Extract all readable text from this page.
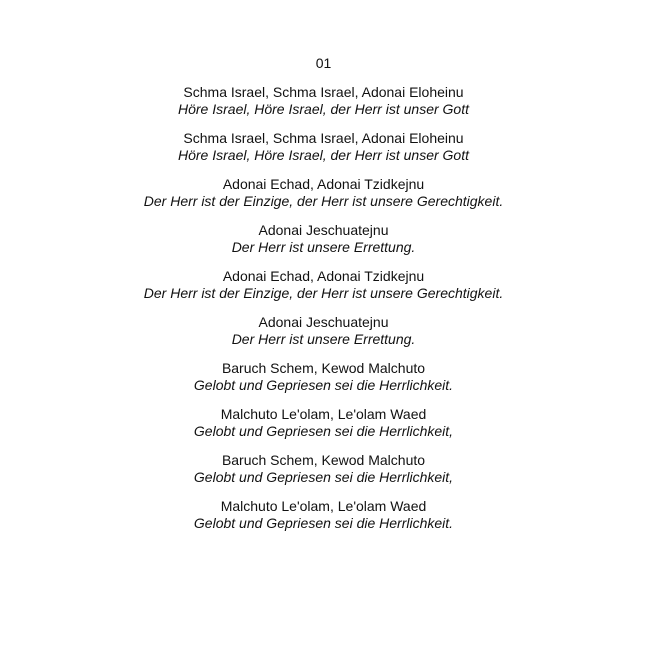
01
Schma Israel, Schma Israel, Adonai Eloheinu
Höre Israel, Höre Israel, der Herr ist unser Gott
Schma Israel, Schma Israel, Adonai Eloheinu
Höre Israel, Höre Israel, der Herr ist unser Gott
Adonai Echad, Adonai Tzidkejnu
Der Herr ist der Einzige, der Herr ist unsere Gerechtigkeit.
Adonai Jeschuatejnu
Der Herr ist unsere Errettung.
Adonai Echad, Adonai Tzidkejnu
Der Herr ist der Einzige, der Herr ist unsere Gerechtigkeit.
Adonai Jeschuatejnu
Der Herr ist unsere Errettung.
Baruch Schem, Kewod Malchuto
Gelobt und Gepriesen sei die Herrlichkeit.
Malchuto Le'olam, Le'olam Waed
Gelobt und Gepriesen sei die Herrlichkeit,
Baruch Schem, Kewod Malchuto
Gelobt und Gepriesen sei die Herrlichkeit,
Malchuto Le'olam, Le'olam Waed
Gelobt und Gepriesen sei die Herrlichkeit.
